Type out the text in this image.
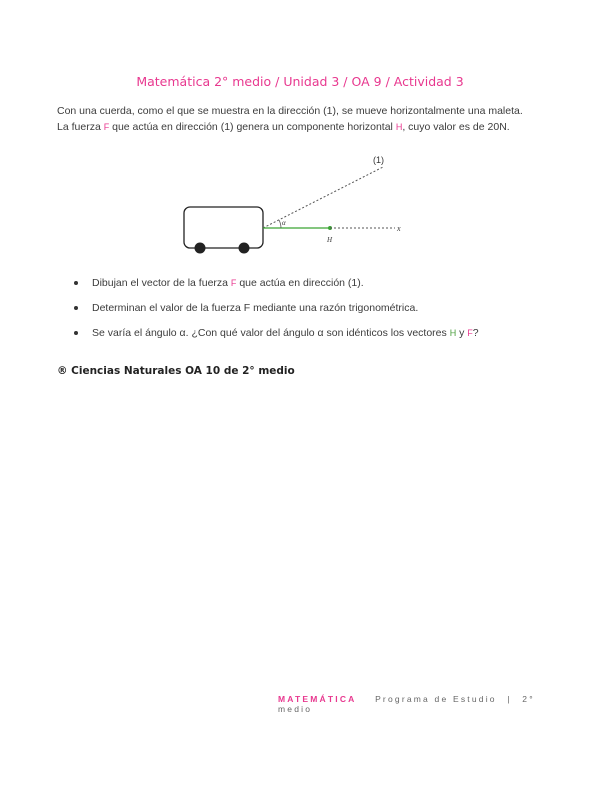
Matemática 2° medio / Unidad 3 / OA 9 / Actividad 3

Con una cuerda, como el que se muestra en la dirección (1), se mueve horizontalmente una maleta. La fuerza F que actúa en dirección (1) genera un componente horizontal H, cuyo valor es de 20N.

(1)
x
α
H
Dibujan el vector de la fuerza F que actúa en dirección (1).
Determinan el valor de la fuerza F mediante una razón trigonométrica.
Se varía el ángulo α. ¿Con qué valor del ángulo α son idénticos los vectores H y F?
® Ciencias Naturales OA 10 de 2° medio
MATEMÁTICA Programa de Estudio | 2° medio
